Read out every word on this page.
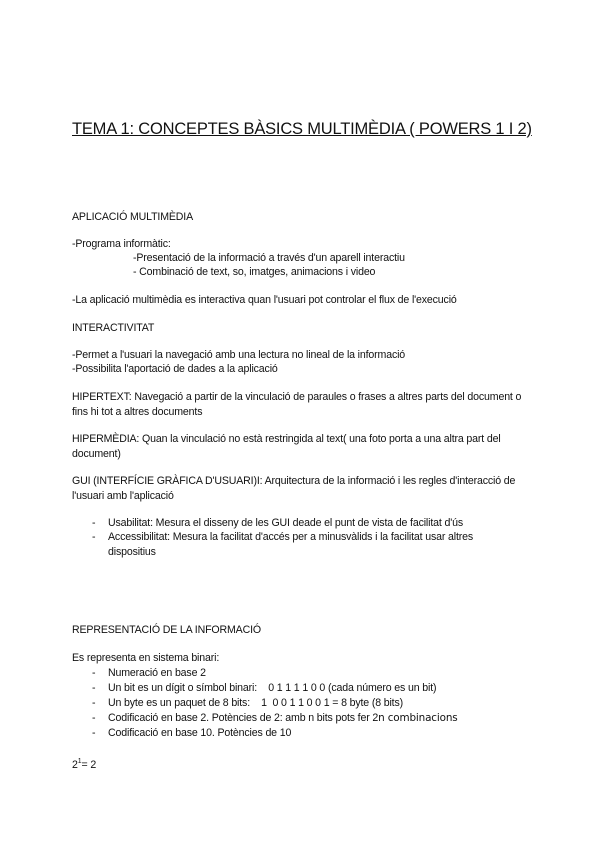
TEMA 1: CONCEPTES BÀSICS MULTIMÈDIA ( POWERS 1 I 2)
APLICACIÓ MULTIMÈDIA
-Programa informàtic:
-Presentació de la informació a través d'un aparell interactiu
- Combinació de text, so, imatges, animacions i video
-La aplicació multimèdia es interactiva quan l'usuari pot controlar el flux de l'execució
INTERACTIVITAT
-Permet a l'usuari la navegació amb una lectura no lineal de la informació
-Possibilita l'aportació de dades a la aplicació
HIPERTEXT: Navegació a partir de la vinculació de paraules o frases a altres parts del document o fins hi tot a altres documents
HIPERMÈDIA: Quan la vinculació no està restringida al text( una foto porta a una altra part del document)
GUI (INTERFÍCIE GRÀFICA D'USUARI)I: Arquitectura de la informació i les regles d'interacció de l'usuari amb l'aplicació
- Usabilitat: Mesura el disseny de les GUI deade el punt de vista de facilitat d'ús
- Accessibilitat: Mesura la facilitat d'accés per a minusvàlids i la facilitat usar altres dispositius
REPRESENTACIÓ DE LA INFORMACIÓ
Es representa en sistema binari:
- Numeració en base 2
- Un bit es un dígit o símbol binari:    0 1 1 1 1 0 0 (cada número es un bit)
- Un byte es un paquet de 8 bits:    1  0 0 1 1 0 0 1 = 8 byte (8 bits)
- Codificació en base 2. Potències de 2: amb n bits pots fer 2n combinacions
- Codificació en base 10. Potències de 10
$2^1= 2$
